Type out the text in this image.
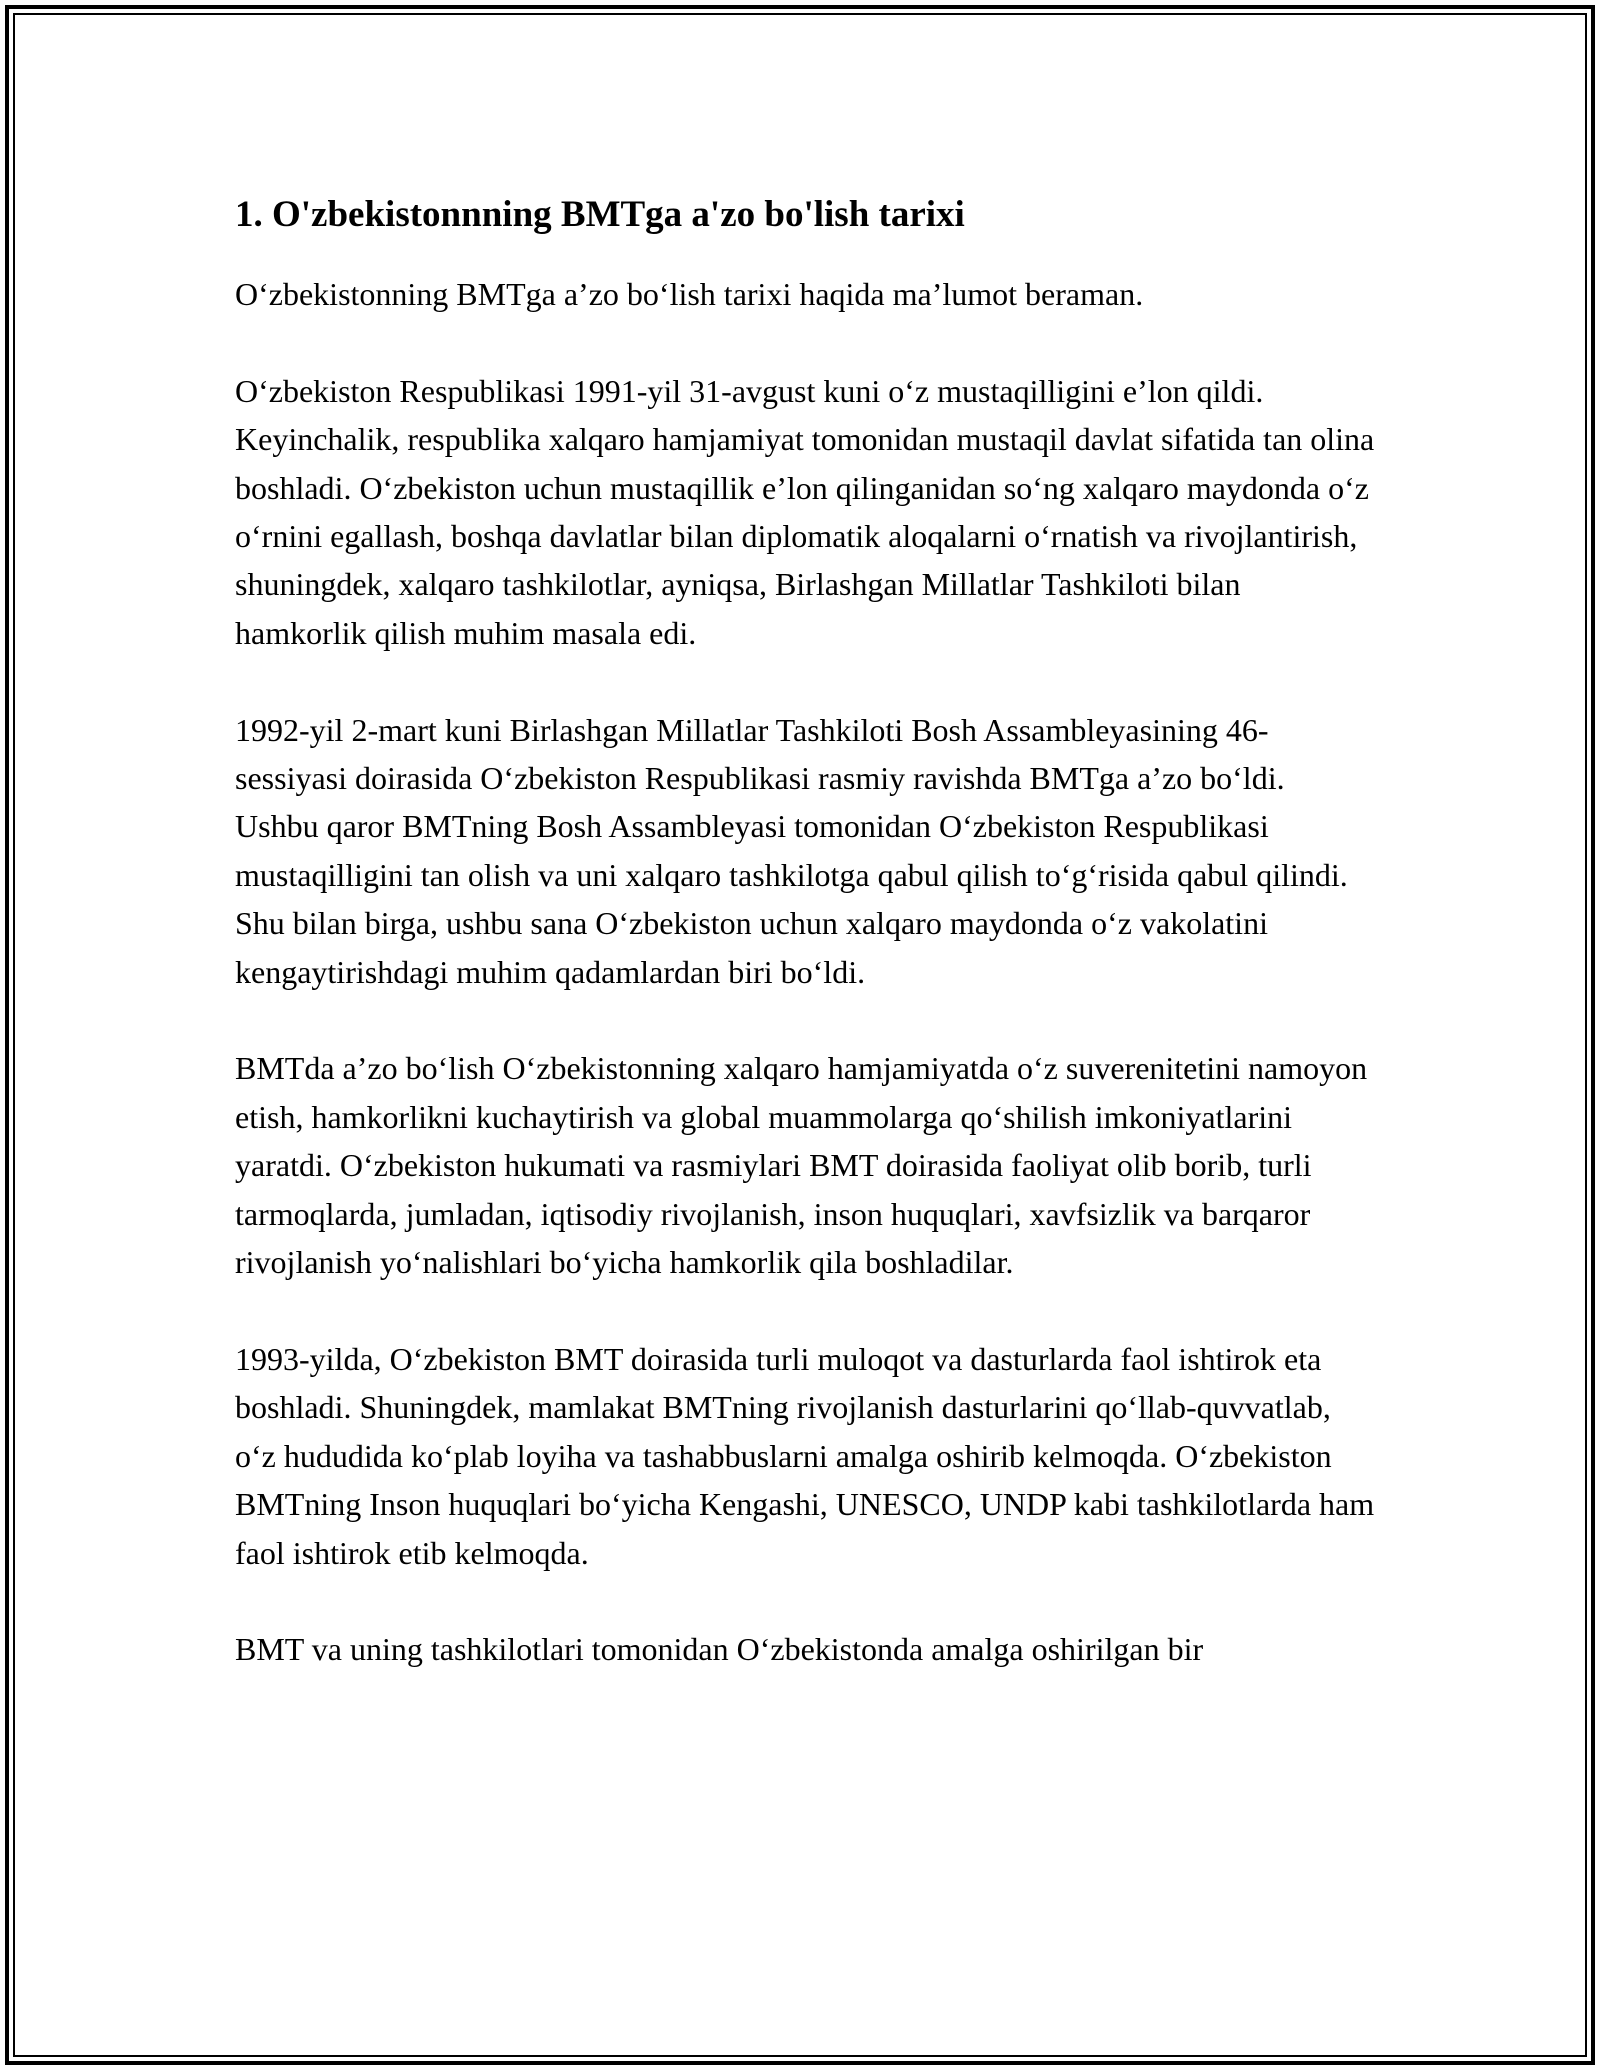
1. O'zbekistonnning BMTga a'zo bo'lish tarixi

O‘zbekistonning BMTga a’zo bo‘lish tarixi haqida ma’lumot beraman.

O‘zbekiston Respublikasi 1991-yil 31-avgust kuni o‘z mustaqilligini e’lon qildi. Keyinchalik, respublika xalqaro hamjamiyat tomonidan mustaqil davlat sifatida tan olina boshladi. O‘zbekiston uchun mustaqillik e’lon qilinganidan so‘ng xalqaro maydonda o‘z o‘rnini egallash, boshqa davlatlar bilan diplomatik aloqalarni o‘rnatish va rivojlantirish, shuningdek, xalqaro tashkilotlar, ayniqsa, Birlashgan Millatlar Tashkiloti bilan hamkorlik qilish muhim masala edi.

1992-yil 2-mart kuni Birlashgan Millatlar Tashkiloti Bosh Assambleyasining 46-sessiyasi doirasida O‘zbekiston Respublikasi rasmiy ravishda BMTga a’zo bo‘ldi. Ushbu qaror BMTning Bosh Assambleyasi tomonidan O‘zbekiston Respublikasi mustaqilligini tan olish va uni xalqaro tashkilotga qabul qilish to‘g‘risida qabul qilindi. Shu bilan birga, ushbu sana O‘zbekiston uchun xalqaro maydonda o‘z vakolatini kengaytirishdagi muhim qadamlardan biri bo‘ldi.

BMTda a’zo bo‘lish O‘zbekistonning xalqaro hamjamiyatda o‘z suverenitetini namoyon etish, hamkorlikni kuchaytirish va global muammolarga qo‘shilish imkoniyatlarini yaratdi. O‘zbekiston hukumati va rasmiylari BMT doirasida faoliyat olib borib, turli tarmoqlarda, jumladan, iqtisodiy rivojlanish, inson huquqlari, xavfsizlik va barqaror rivojlanish yo‘nalishlari bo‘yicha hamkorlik qila boshladilar.

1993-yilda, O‘zbekiston BMT doirasida turli muloqot va dasturlarda faol ishtirok eta boshladi. Shuningdek, mamlakat BMTning rivojlanish dasturlarini qo‘llab-quvvatlab, o‘z hududida ko‘plab loyiha va tashabbuslarni amalga oshirib kelmoqda. O‘zbekiston BMTning Inson huquqlari bo‘yicha Kengashi, UNESCO, UNDP kabi tashkilotlarda ham faol ishtirok etib kelmoqda.

BMT va uning tashkilotlari tomonidan O‘zbekistonda amalga oshirilgan bir
